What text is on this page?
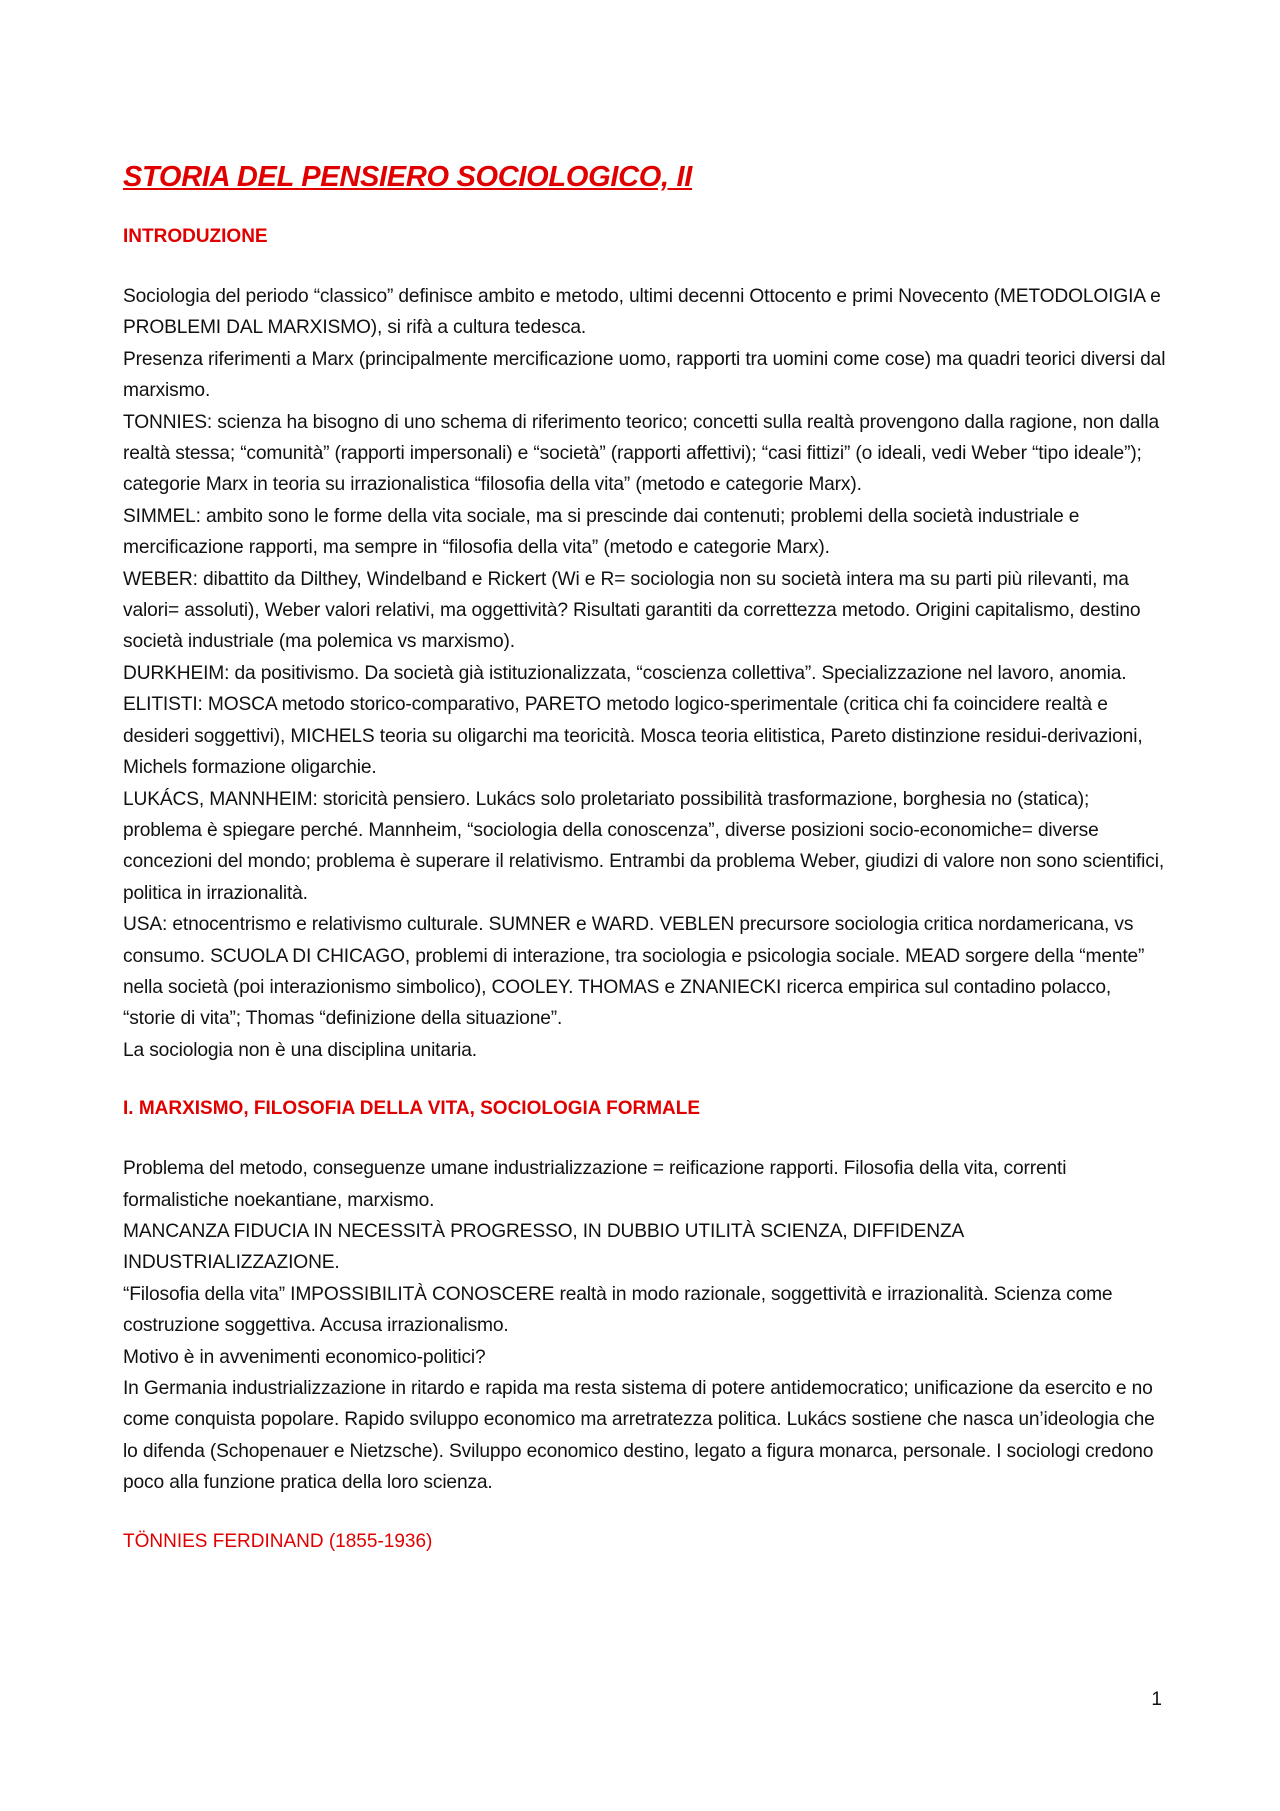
STORIA DEL PENSIERO SOCIOLOGICO, II
INTRODUZIONE

Sociologia del periodo “classico” definisce ambito e metodo, ultimi decenni Ottocento e primi Novecento (METODOLOIGIA e PROBLEMI DAL MARXISMO), si rifà a cultura tedesca.

Presenza riferimenti a Marx (principalmente mercificazione uomo, rapporti tra uomini come cose) ma quadri teorici diversi dal marxismo.

TONNIES: scienza ha bisogno di uno schema di riferimento teorico; concetti sulla realtà provengono dalla ragione, non dalla realtà stessa; “comunità” (rapporti impersonali) e “società” (rapporti affettivi); “casi fittizi” (o ideali, vedi Weber “tipo ideale”); categorie Marx in teoria su irrazionalistica “filosofia della vita” (metodo e categorie Marx).

SIMMEL: ambito sono le forme della vita sociale, ma si prescinde dai contenuti; problemi della società industriale e mercificazione rapporti, ma sempre in “filosofia della vita” (metodo e categorie Marx).

WEBER: dibattito da Dilthey, Windelband e Rickert (Wi e R= sociologia non su società intera ma su parti più rilevanti, ma valori= assoluti), Weber valori relativi, ma oggettività? Risultati garantiti da correttezza metodo. Origini capitalismo, destino società industriale (ma polemica vs marxismo).

DURKHEIM: da positivismo. Da società già istituzionalizzata, “coscienza collettiva”. Specializzazione nel lavoro, anomia.

ELITISTI: MOSCA metodo storico-comparativo, PARETO metodo logico-sperimentale (critica chi fa coincidere realtà e desideri soggettivi), MICHELS teoria su oligarchi ma teoricità. Mosca teoria elitistica, Pareto distinzione residui-derivazioni, Michels formazione oligarchie.

LUKÁCS, MANNHEIM: storicità pensiero. Lukács solo proletariato possibilità trasformazione, borghesia no (statica); problema è spiegare perché. Mannheim, “sociologia della conoscenza”, diverse posizioni socio-economiche= diverse concezioni del mondo; problema è superare il relativismo. Entrambi da problema Weber, giudizi di valore non sono scientifici, politica in irrazionalità.

USA: etnocentrismo e relativismo culturale. SUMNER e WARD. VEBLEN precursore sociologia critica nordamericana, vs consumo. SCUOLA DI CHICAGO, problemi di interazione, tra sociologia e psicologia sociale. MEAD sorgere della “mente” nella società (poi interazionismo simbolico), COOLEY. THOMAS e ZNANIECKI ricerca empirica sul contadino polacco, “storie di vita”; Thomas “definizione della situazione”.

La sociologia non è una disciplina unitaria.

I. MARXISMO, FILOSOFIA DELLA VITA, SOCIOLOGIA FORMALE

Problema del metodo, conseguenze umane industrializzazione = reificazione rapporti. Filosofia della vita, correnti formalistiche noekantiane, marxismo.

MANCANZA FIDUCIA IN NECESSITÀ PROGRESSO, IN DUBBIO UTILITÀ SCIENZA, DIFFIDENZA INDUSTRIALIZZAZIONE.

“Filosofia della vita” IMPOSSIBILITÀ CONOSCERE realtà in modo razionale, soggettività e irrazionalità. Scienza come costruzione soggettiva. Accusa irrazionalismo.

Motivo è in avvenimenti economico-politici?

In Germania industrializzazione in ritardo e rapida ma resta sistema di potere antidemocratico; unificazione da esercito e no come conquista popolare. Rapido sviluppo economico ma arretratezza politica. Lukács sostiene che nasca un’ideologia che lo difenda (Schopenauer e Nietzsche). Sviluppo economico destino, legato a figura monarca, personale. I sociologi credono poco alla funzione pratica della loro scienza.

TÖNNIES FERDINAND (1855-1936)
1
